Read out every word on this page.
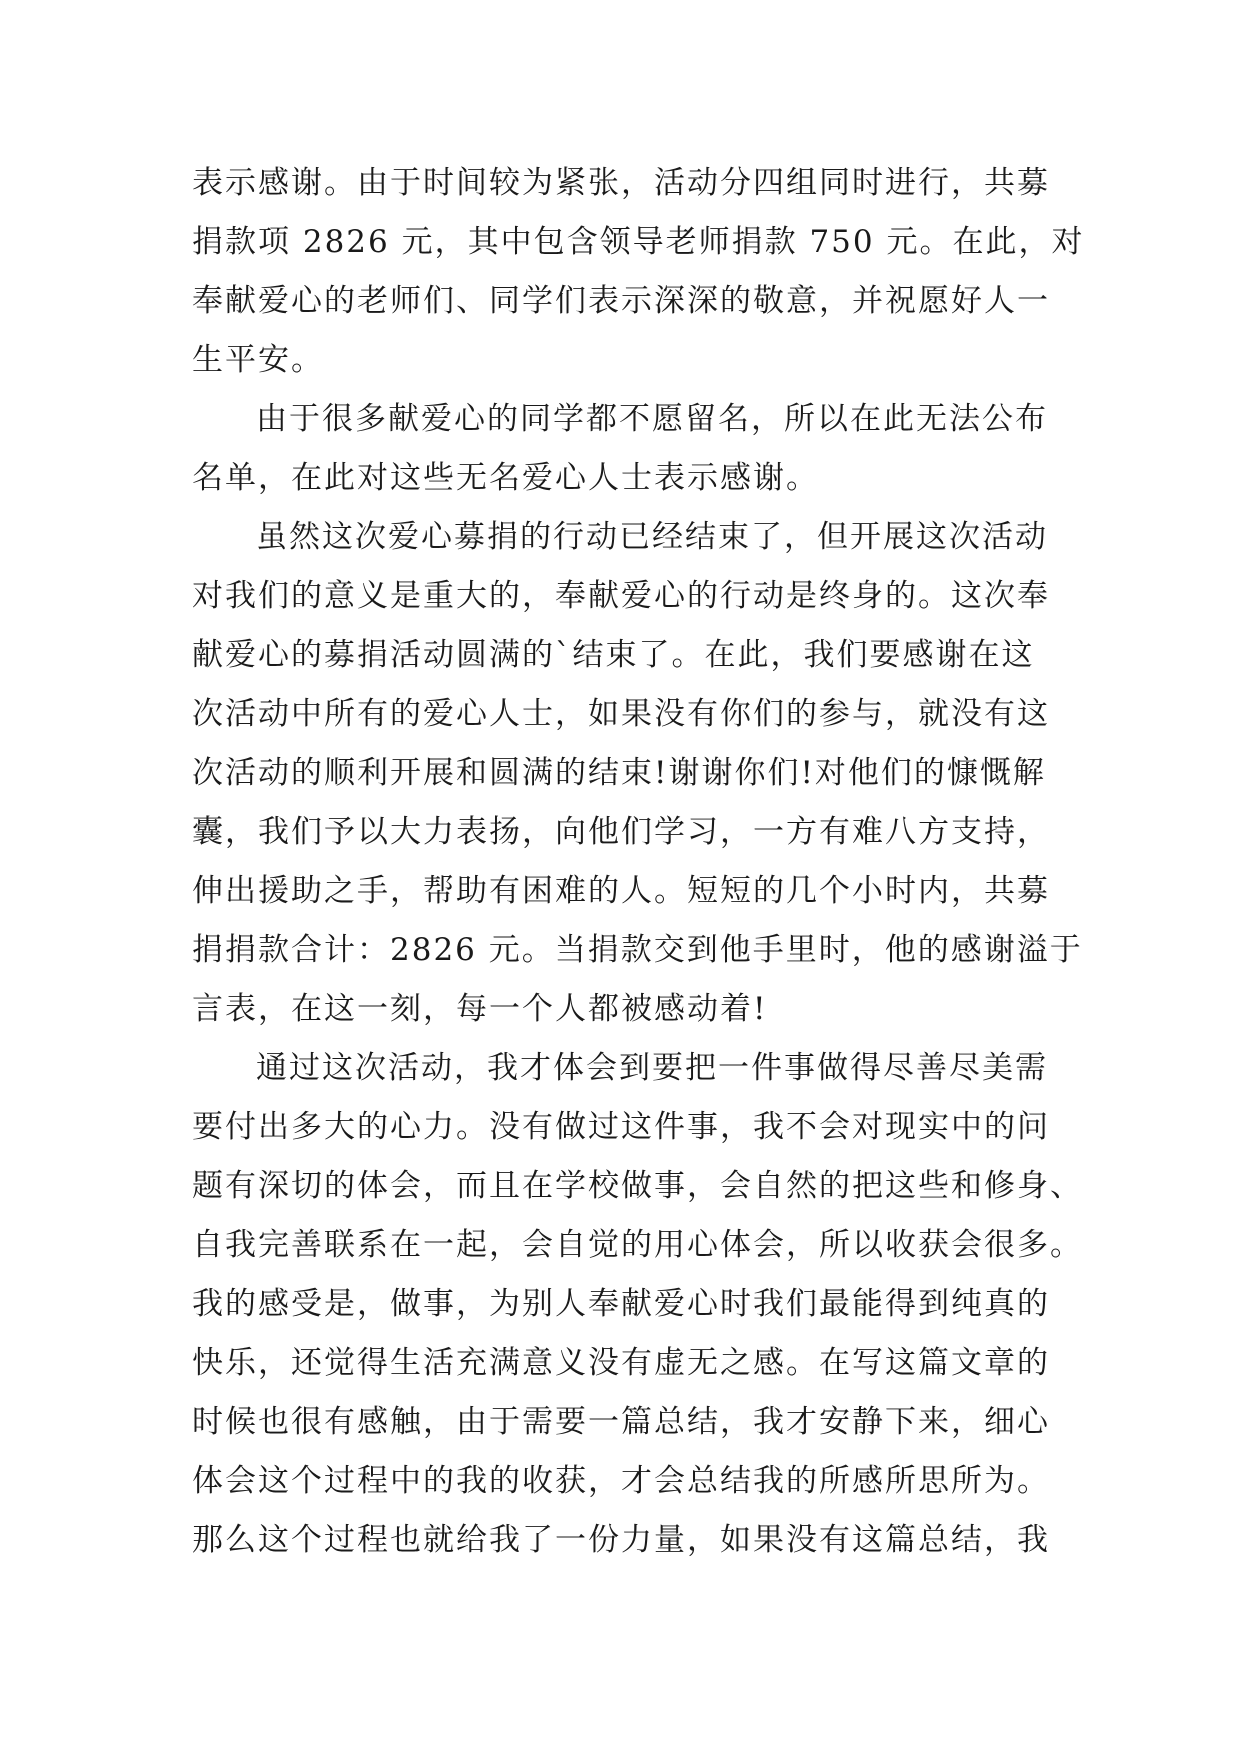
表示感谢。由于时间较为紧张，活动分四组同时进行，共募
捐款项 2826 元，其中包含领导老师捐款 750 元。在此，对
奉献爱心的老师们、同学们表示深深的敬意，并祝愿好人一
生平安。
由于很多献爱心的同学都不愿留名，所以在此无法公布
名单，在此对这些无名爱心人士表示感谢。
虽然这次爱心募捐的行动已经结束了，但开展这次活动
对我们的意义是重大的，奉献爱心的行动是终身的。这次奉
献爱心的募捐活动圆满的`结束了。在此，我们要感谢在这
次活动中所有的爱心人士，如果没有你们的参与，就没有这
次活动的顺利开展和圆满的结束!谢谢你们!对他们的慷慨解
囊，我们予以大力表扬，向他们学习，一方有难八方支持，
伸出援助之手，帮助有困难的人。短短的几个小时内，共募
捐捐款合计：2826 元。当捐款交到他手里时，他的感谢溢于
言表，在这一刻，每一个人都被感动着!
通过这次活动，我才体会到要把一件事做得尽善尽美需
要付出多大的心力。没有做过这件事，我不会对现实中的问
题有深切的体会，而且在学校做事，会自然的把这些和修身、
自我完善联系在一起，会自觉的用心体会，所以收获会很多。
我的感受是，做事，为别人奉献爱心时我们最能得到纯真的
快乐，还觉得生活充满意义没有虚无之感。在写这篇文章的
时候也很有感触，由于需要一篇总结，我才安静下来，细心
体会这个过程中的我的收获，才会总结我的所感所思所为。
那么这个过程也就给我了一份力量，如果没有这篇总结，我
